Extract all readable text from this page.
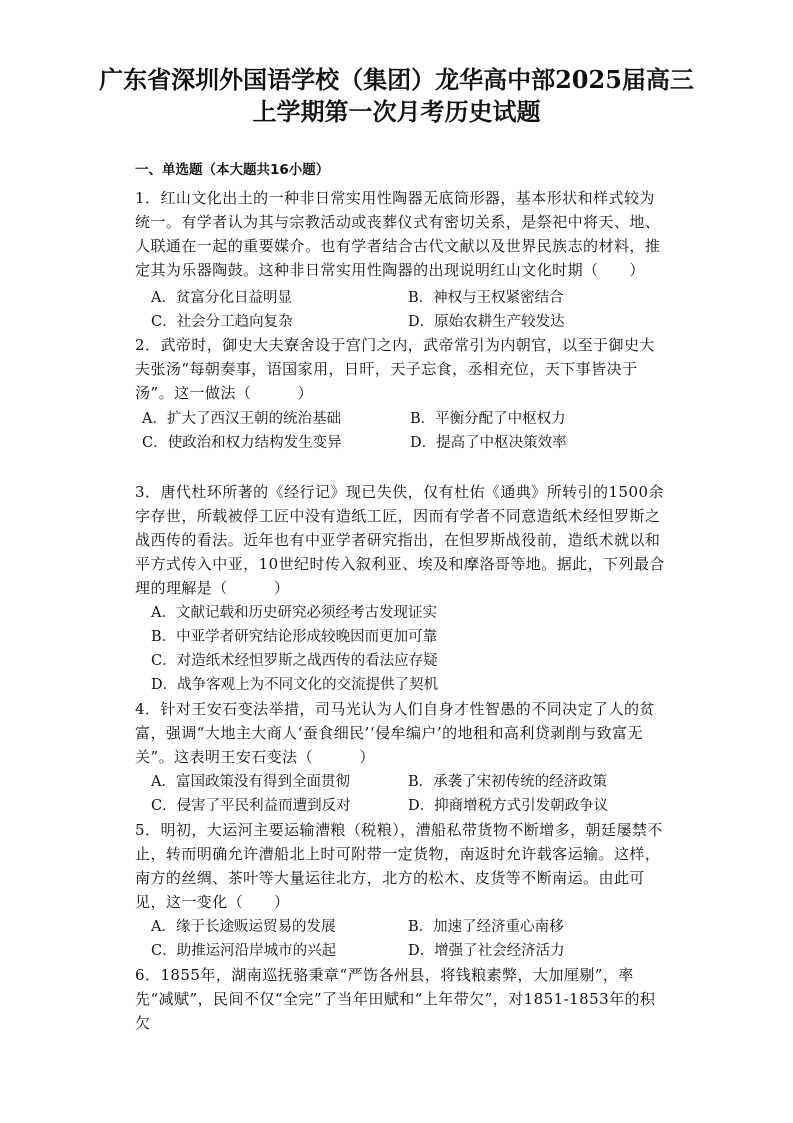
广东省深圳外国语学校（集团）龙华高中部2025届高三
上学期第一次月考历史试题
一、单选题（本大题共16小题）
1．红山文化出土的一种非日常实用性陶器无底筒形器，基本形状和样式较为统一。有学者认为其与宗教活动或丧葬仪式有密切关系，是祭祀中将天、地、人联通在一起的重要媒介。也有学者结合古代文献以及世界民族志的材料，推定其为乐器陶鼓。这种非日常实用性陶器的出现说明红山文化时期（　　）
A．贫富分化日益明显	B．神权与王权紧密结合
C．社会分工趋向复杂	D．原始农耕生产较发达
2．武帝时，御史大夫寮舍设于宫门之内，武帝常引为内朝官，以至于御史大夫张汤“每朝奏事，语国家用，日旰，天子忘食，丞相充位，天下事皆决于汤”。这一做法（　　　）
A．扩大了西汉王朝的统治基础	B．平衡分配了中枢权力
C．使政治和权力结构发生变异	D．提高了中枢决策效率
3．唐代杜环所著的《经行记》现已失佚，仅有杜佑《通典》所转引的1500余字存世，所载被俘工匠中没有造纸工匠，因而有学者不同意造纸术经怛罗斯之战西传的看法。近年也有中亚学者研究指出，在怛罗斯战役前，造纸术就以和平方式传入中亚，10世纪时传入叙利亚、埃及和摩洛哥等地。据此，下列最合理的理解是（　　　）
A．文献记载和历史研究必须经考古发现证实
B．中亚学者研究结论形成较晚因而更加可靠
C．对造纸术经怛罗斯之战西传的看法应存疑
D．战争客观上为不同文化的交流提供了契机
4．针对王安石变法举措，司马光认为人们自身才性智愚的不同决定了人的贫富，强调“大地主大商人‘蚕食细民’‘侵牟编户’的地租和高利贷剥削与致富无关”。这表明王安石变法（　　　）
A．富国政策没有得到全面贯彻	B．承袭了宋初传统的经济政策
C．侵害了平民利益而遭到反对	D．抑商增税方式引发朝政争议
5．明初，大运河主要运输漕粮（税粮），漕船私带货物不断增多，朝廷屡禁不止，转而明确允许漕船北上时可附带一定货物，南返时允许载客运输。这样，南方的丝绸、茶叶等大量运往北方，北方的松木、皮货等不断南运。由此可见，这一变化（　　）
A．缘于长途贩运贸易的发展	B．加速了经济重心南移
C．助推运河沿岸城市的兴起	D．增强了社会经济活力
6．1855年，湖南巡抚骆秉章“严饬各州县，将钱粮素弊，大加厘剔”，率先“减赋”，民间不仅“全完”了当年田赋和“上年带欠”，对1851-1853年的积欠
